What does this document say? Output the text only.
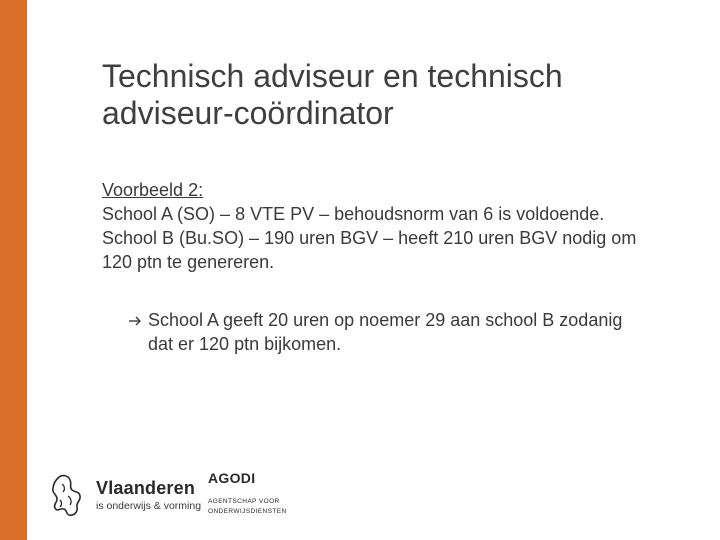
Technisch adviseur en technisch
adviseur-coördinator
Voorbeeld 2:
School A (SO) – 8 VTE PV – behoudsnorm van 6 is voldoende.
School B (Bu.SO) – 190 uren BGV – heeft 210 uren BGV nodig om
120 ptn te genereren.
School A geeft 20 uren op noemer 29 aan school B zodanig
dat er 120 ptn bijkomen.
Vlaanderen
is onderwijs & vorming
AGODI
AGENTSCHAP VOOR
ONDERWIJSDIENSTEN
